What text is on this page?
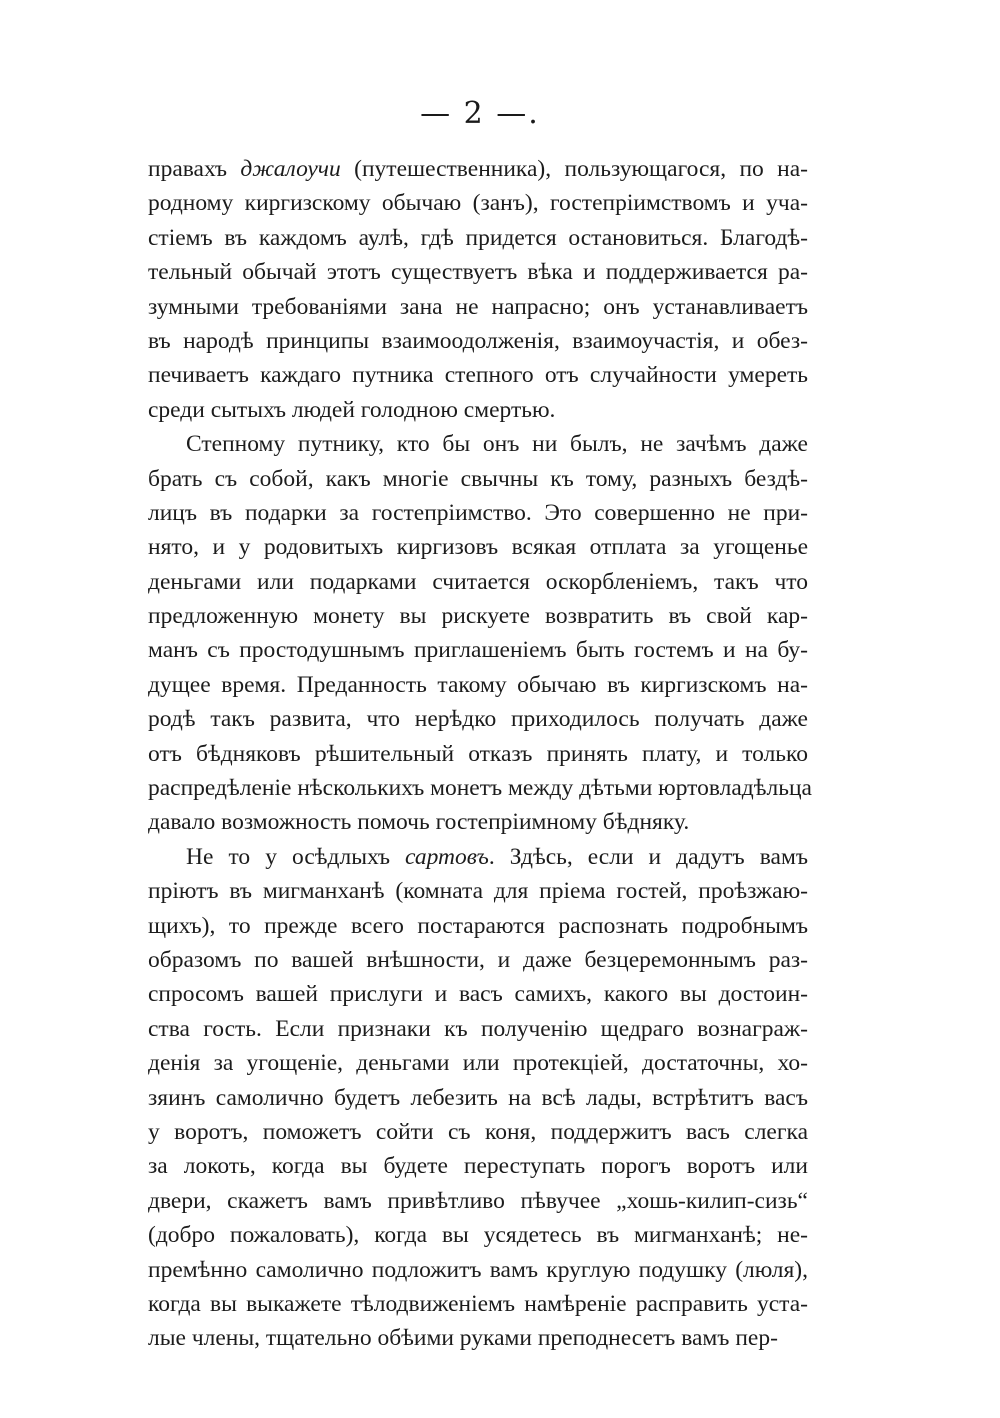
— 2 —.
правахъ джалоучи (путешественника), пользующагося, по на-
родному киргизскому обычаю (занъ), гостепріимствомъ и уча-
стіемъ въ каждомъ аулѣ, гдѣ придется остановиться. Благодѣ-
тельный обычай этотъ существуетъ вѣка и поддерживается ра-
зумными требованіями зана не напрасно; онъ устанавливаетъ
въ народѣ принципы взаимоодолженія, взаимоучастія, и обез-
печиваетъ каждаго путника степного отъ случайности умереть
среди сытыхъ людей голодною смертью.
Степному путнику, кто бы онъ ни былъ, не зачѣмъ даже
брать съ собой, какъ многіе свычны къ тому, разныхъ бездѣ-
лицъ въ подарки за гостепріимство. Это совершенно не при-
нято, и у родовитыхъ киргизовъ всякая отплата за угощенье
деньгами или подарками считается оскорбленіемъ, такъ что
предложенную монету вы рискуете возвратить въ свой кар-
манъ съ простодушнымъ приглашеніемъ быть гостемъ и на бу-
дущее время. Преданность такому обычаю въ киргизскомъ на-
родѣ такъ развита, что нерѣдко приходилось получать даже
отъ бѣдняковъ рѣшительный отказъ принять плату, и только
распредѣленіе нѣсколькихъ монетъ между дѣтьми юртовладѣльца
давало возможность помочь гостепріимному бѣдняку.
Не то у осѣдлыхъ сартовъ. Здѣсь, если и дадутъ вамъ
пріютъ въ мигманханѣ (комната для пріема гостей, проѣзжаю-
щихъ), то прежде всего постараются распознать подробнымъ
образомъ по вашей внѣшности, и даже безцеремоннымъ раз-
спросомъ вашей прислуги и васъ самихъ, какого вы достоин-
ства гость. Если признаки къ полученію щедраго вознаграж-
денія за угощеніе, деньгами или протекціей, достаточны, хо-
зяинъ самолично будетъ лебезить на всѣ лады, встрѣтитъ васъ
у воротъ, поможетъ сойти съ коня, поддержитъ васъ слегка
за локоть, когда вы будете переступать порогъ воротъ или
двери, скажетъ вамъ привѣтливо пѣвучее „хошь-килип-сизь“
(добро пожаловать), когда вы усядетесь въ мигманханѣ; не-
премѣнно самолично подложитъ вамъ круглую подушку (люля),
когда вы выкажете тѣлодвиженіемъ намѣреніе расправить уста-
лые члены, тщательно обѣими руками преподнесетъ вамъ пер-
